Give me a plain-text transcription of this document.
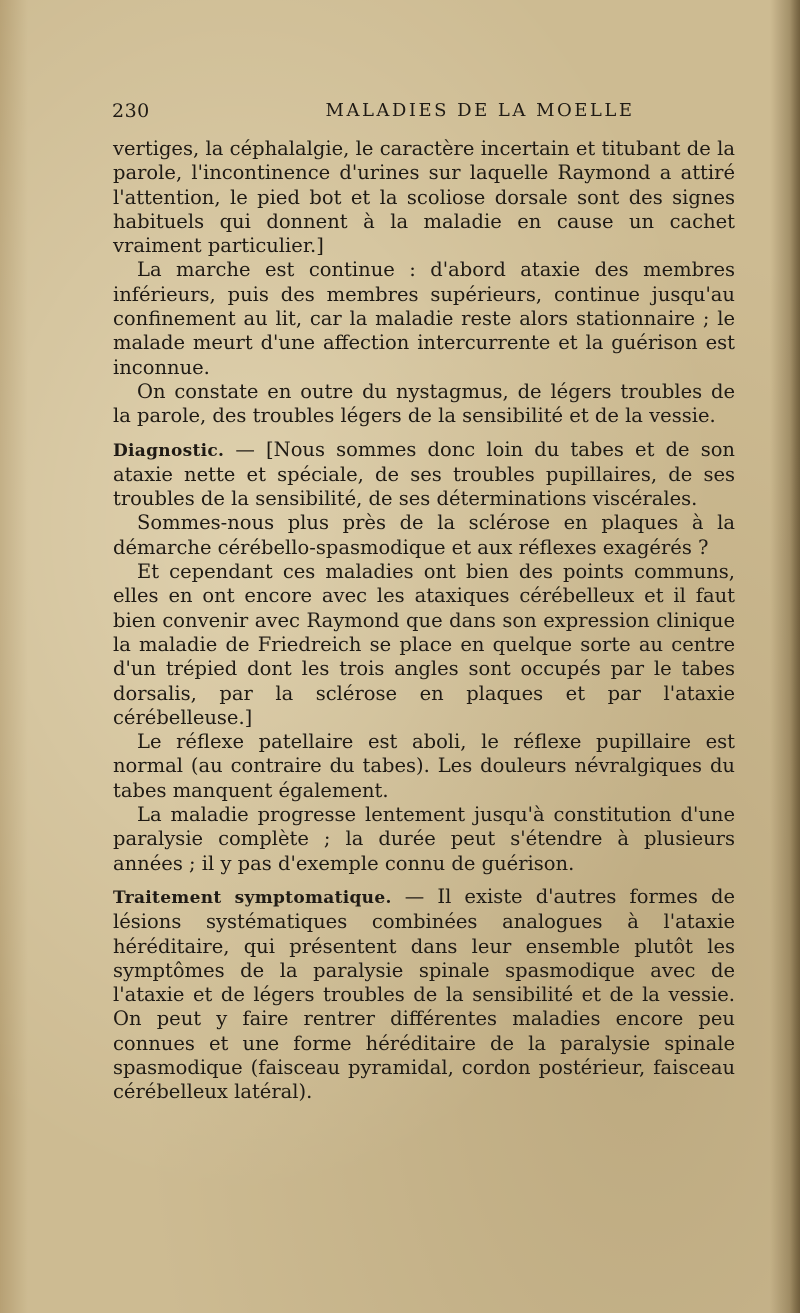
230	MALADIES DE LA MOELLE

vertiges, la céphalalgie, le caractère incertain et titubant de la parole, l'incontinence d'urines sur laquelle Raymond a attiré l'attention, le pied bot et la scoliose dorsale sont des signes habituels qui donnent à la maladie en cause un cachet vraiment particulier.]

La marche est continue : d'abord ataxie des membres inférieurs, puis des membres supérieurs, continue jusqu'au confinement au lit, car la maladie reste alors stationnaire ; le malade meurt d'une affection intercurrente et la guérison est inconnue.

On constate en outre du nystagmus, de légers troubles de la parole, des troubles légers de la sensibilité et de la vessie.

Diagnostic. — [Nous sommes donc loin du tabes et de son ataxie nette et spéciale, de ses troubles pupillaires, de ses troubles de la sensibilité, de ses déterminations viscérales.

Sommes-nous plus près de la sclérose en plaques à la démarche cérébello-spasmodique et aux réflexes exagérés ?

Et cependant ces maladies ont bien des points communs, elles en ont encore avec les ataxiques cérébelleux et il faut bien convenir avec Raymond que dans son expression clinique la maladie de Friedreich se place en quelque sorte au centre d'un trépied dont les trois angles sont occupés par le tabes dorsalis, par la sclérose en plaques et par l'ataxie cérébelleuse.]

Le réflexe patellaire est aboli, le réflexe pupillaire est normal (au contraire du tabes). Les douleurs névralgiques du tabes manquent également.

La maladie progresse lentement jusqu'à constitution d'une paralysie complète ; la durée peut s'étendre à plusieurs années ; il y pas d'exemple connu de guérison.

Traitement symptomatique. — Il existe d'autres formes de lésions systématiques combinées analogues à l'ataxie héréditaire, qui présentent dans leur ensemble plutôt les symptômes de la paralysie spinale spasmodique avec de l'ataxie et de légers troubles de la sensibilité et de la vessie. On peut y faire rentrer différentes maladies encore peu connues et une forme héréditaire de la paralysie spinale spasmodique (faisceau pyramidal, cordon postérieur, faisceau cérébelleux latéral).
